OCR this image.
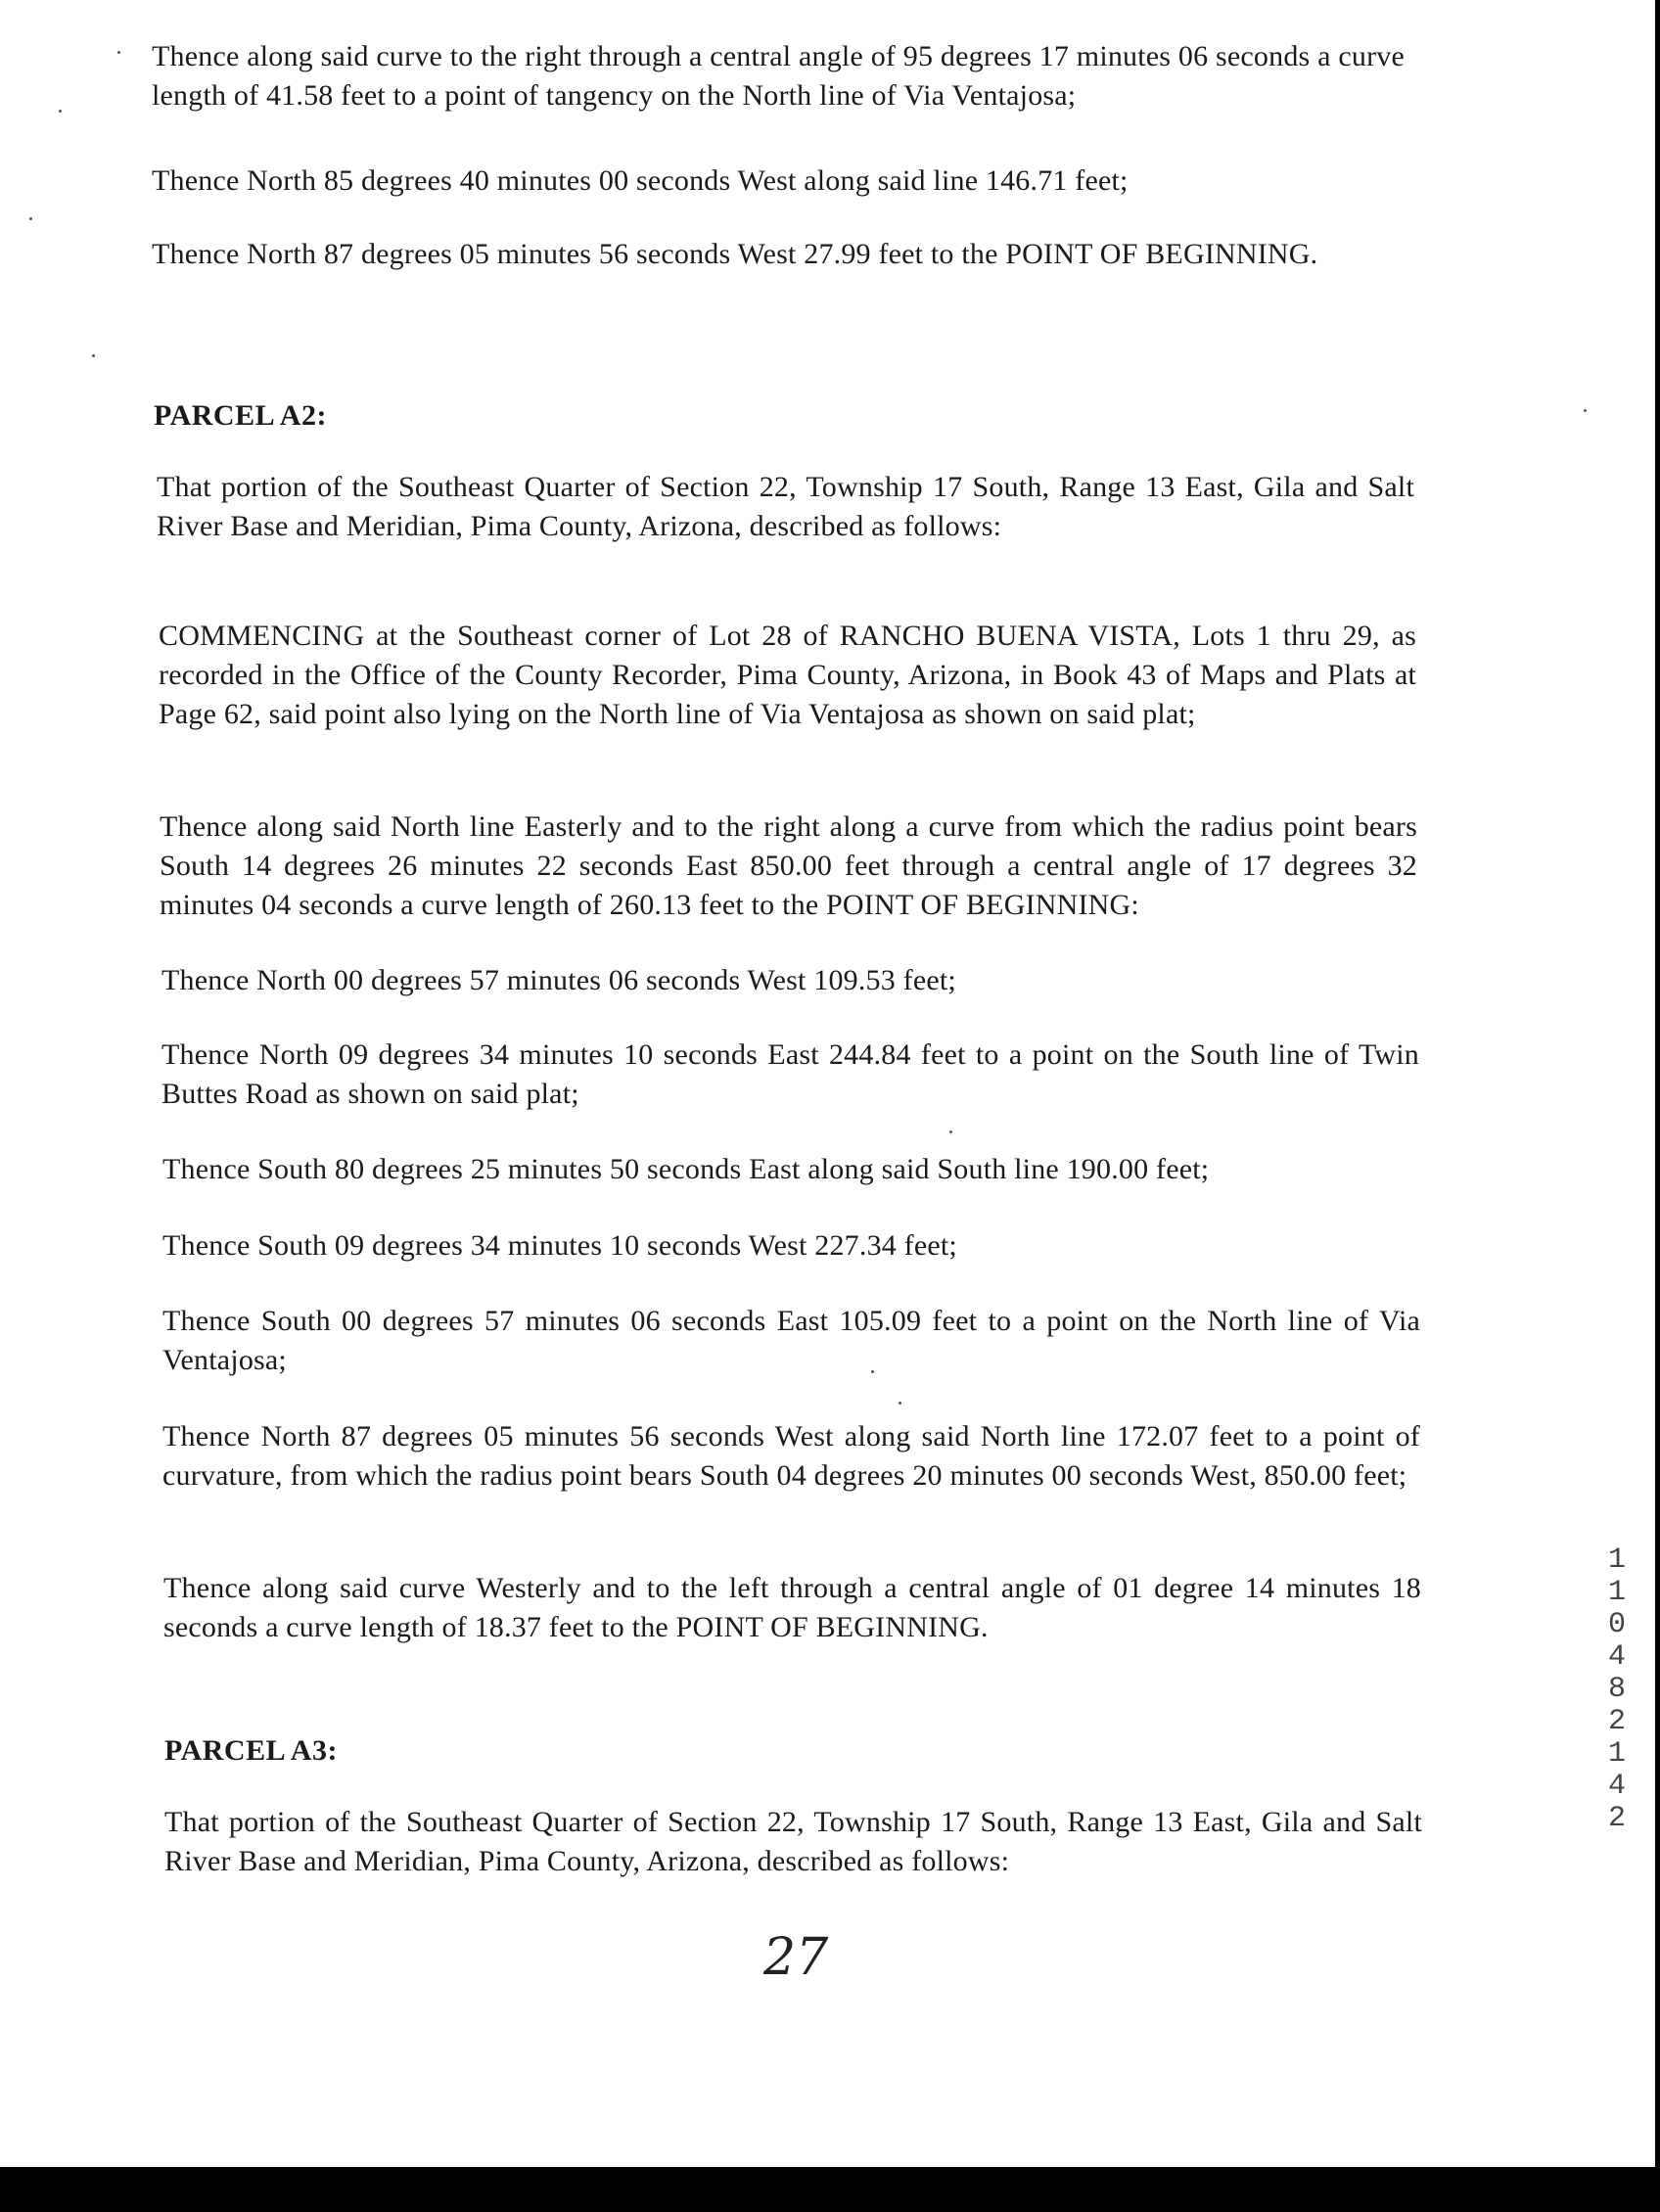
Thence along said curve to the right through a central angle of 95 degrees 17 minutes 06 seconds a curve length of 41.58 feet to a point of tangency on the North line of Via Ventajosa;

Thence North 85 degrees 40 minutes 00 seconds West along said line 146.71 feet;

Thence North 87 degrees 05 minutes 56 seconds West 27.99 feet to the POINT OF BEGINNING.

PARCEL A2:

That portion of the Southeast Quarter of Section 22, Township 17 South, Range 13 East, Gila and Salt River Base and Meridian, Pima County, Arizona, described as follows:

COMMENCING at the Southeast corner of Lot 28 of RANCHO BUENA VISTA, Lots 1 thru 29, as recorded in the Office of the County Recorder, Pima County, Arizona, in Book 43 of Maps and Plats at Page 62, said point also lying on the North line of Via Ventajosa as shown on said plat;

Thence along said North line Easterly and to the right along a curve from which the radius point bears South 14 degrees 26 minutes 22 seconds East 850.00 feet through a central angle of 17 degrees 32 minutes 04 seconds a curve length of 260.13 feet to the POINT OF BEGINNING:

Thence North 00 degrees 57 minutes 06 seconds West 109.53 feet;

Thence North 09 degrees 34 minutes 10 seconds East 244.84 feet to a point on the South line of Twin Buttes Road as shown on said plat;

Thence South 80 degrees 25 minutes 50 seconds East along said South line 190.00 feet;

Thence South 09 degrees 34 minutes 10 seconds West 227.34 feet;

Thence South 00 degrees 57 minutes 06 seconds East 105.09 feet to a point on the North line of Via Ventajosa;

Thence North 87 degrees 05 minutes 56 seconds West along said North line 172.07 feet to a point of curvature, from which the radius point bears South 04 degrees 20 minutes 00 seconds West, 850.00 feet;

Thence along said curve Westerly and to the left through a central angle of 01 degree 14 minutes 18 seconds a curve length of 18.37 feet to the POINT OF BEGINNING.

PARCEL A3:

That portion of the Southeast Quarter of Section 22, Township 17 South, Range 13 East, Gila and Salt River Base and Meridian, Pima County, Arizona, described as follows:

27
11048 2142
